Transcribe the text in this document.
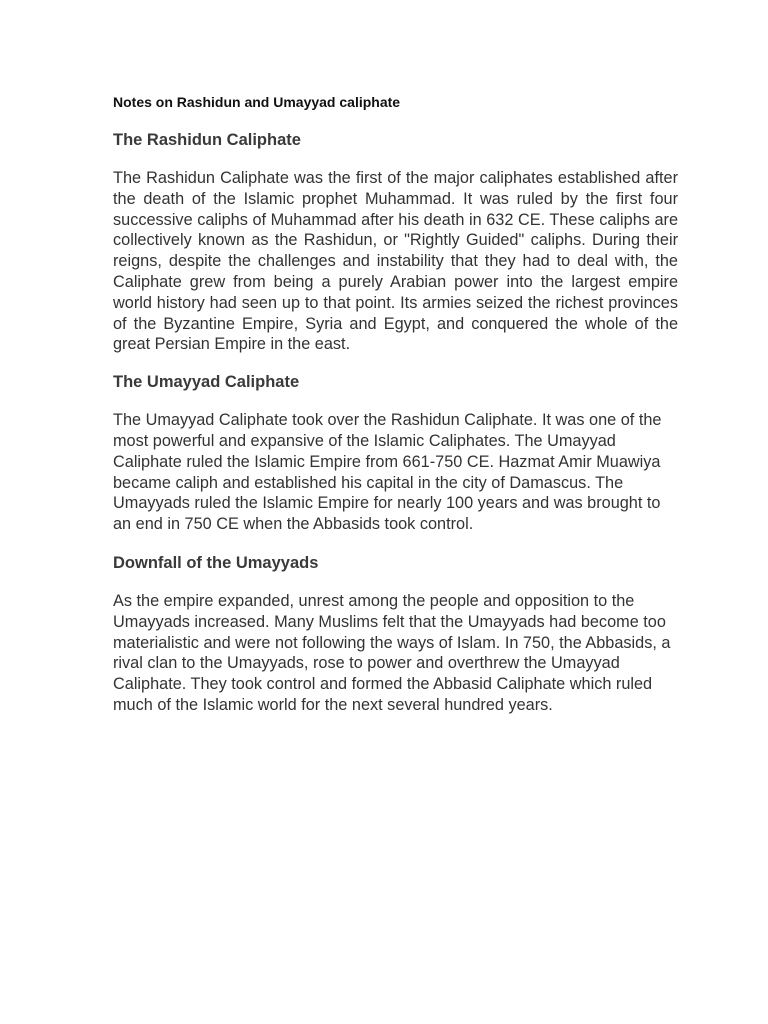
Notes on Rashidun and Umayyad caliphate

The Rashidun Caliphate

The Rashidun Caliphate was the first of the major caliphates established after the death of the Islamic prophet Muhammad. It was ruled by the first four successive caliphs of Muhammad after his death in 632 CE. These caliphs are collectively known as the Rashidun, or "Rightly Guided" caliphs. During their reigns, despite the challenges and instability that they had to deal with, the Caliphate grew from being a purely Arabian power into the largest empire world history had seen up to that point. Its armies seized the richest provinces of the Byzantine Empire, Syria and Egypt, and conquered the whole of the great Persian Empire in the east.

The Umayyad Caliphate

The Umayyad Caliphate took over the Rashidun Caliphate. It was one of the most powerful and expansive of the Islamic Caliphates. The Umayyad Caliphate ruled the Islamic Empire from 661-750 CE. Hazmat Amir Muawiya became caliph and established his capital in the city of Damascus. The Umayyads ruled the Islamic Empire for nearly 100 years and was brought to an end in 750 CE when the Abbasids took control.

Downfall of the Umayyads

As the empire expanded, unrest among the people and opposition to the Umayyads increased. Many Muslims felt that the Umayyads had become too materialistic and were not following the ways of Islam. In 750, the Abbasids, a rival clan to the Umayyads, rose to power and overthrew the Umayyad Caliphate. They took control and formed the Abbasid Caliphate which ruled much of the Islamic world for the next several hundred years.
